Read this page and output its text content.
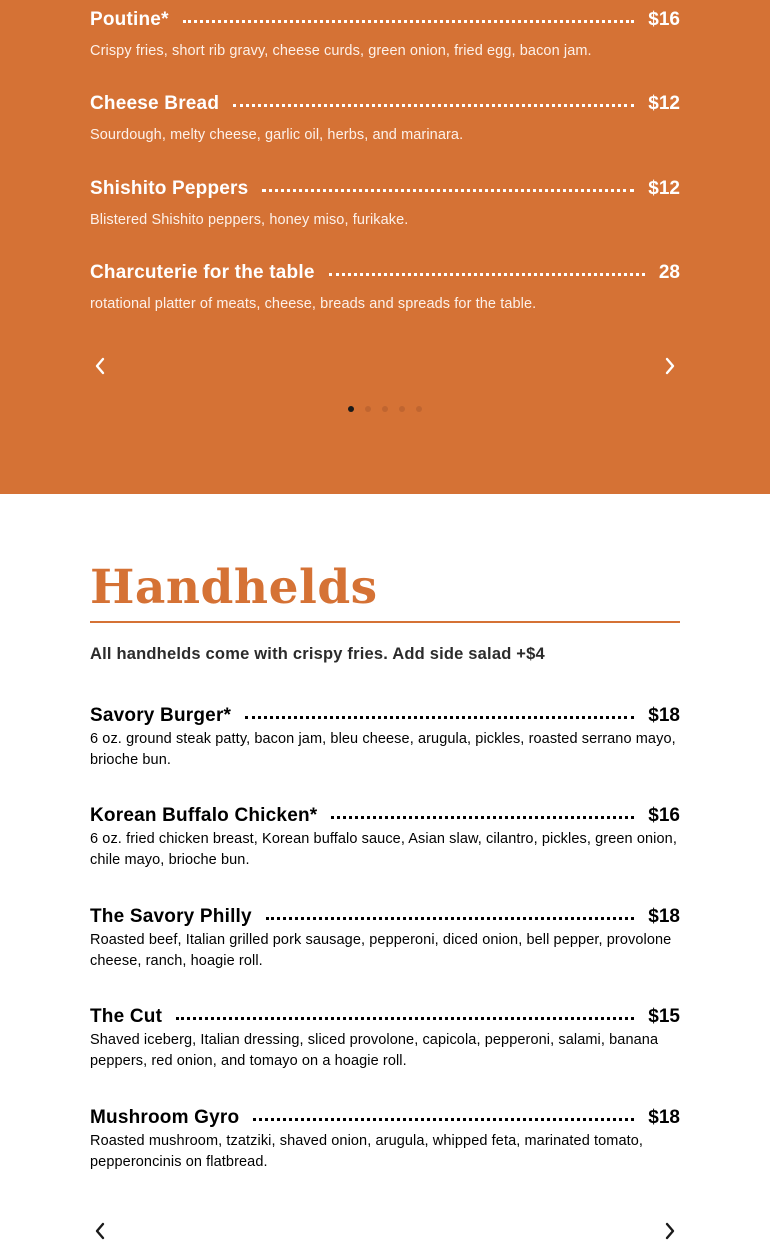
Poutine*	$16
Crispy fries, short rib gravy, cheese curds, green onion, fried egg, bacon jam.
Cheese Bread	$12
Sourdough, melty cheese, garlic oil, herbs, and marinara.
Shishito Peppers	$12
Blistered Shishito peppers, honey miso, furikake.
Charcuterie for the table	28
rotational platter of meats, cheese, breads and spreads for the table.
Handhelds
All handhelds come with crispy fries. Add side salad +$4
Savory Burger*	$18
6 oz. ground steak patty, bacon jam, bleu cheese, arugula, pickles, roasted serrano mayo, brioche bun.
Korean Buffalo Chicken*	$16
6 oz. fried chicken breast, Korean buffalo sauce, Asian slaw, cilantro, pickles, green onion, chile mayo, brioche bun.
The Savory Philly	$18
Roasted beef, Italian grilled pork sausage, pepperoni, diced onion, bell pepper, provolone cheese, ranch, hoagie roll.
The Cut	$15
Shaved iceberg, Italian dressing, sliced provolone, capicola, pepperoni, salami, banana peppers, red onion, and tomayo on a hoagie roll.
Mushroom Gyro	$18
Roasted mushroom, tzatziki, shaved onion, arugula, whipped feta, marinated tomato, pepperoncinis on flatbread.
